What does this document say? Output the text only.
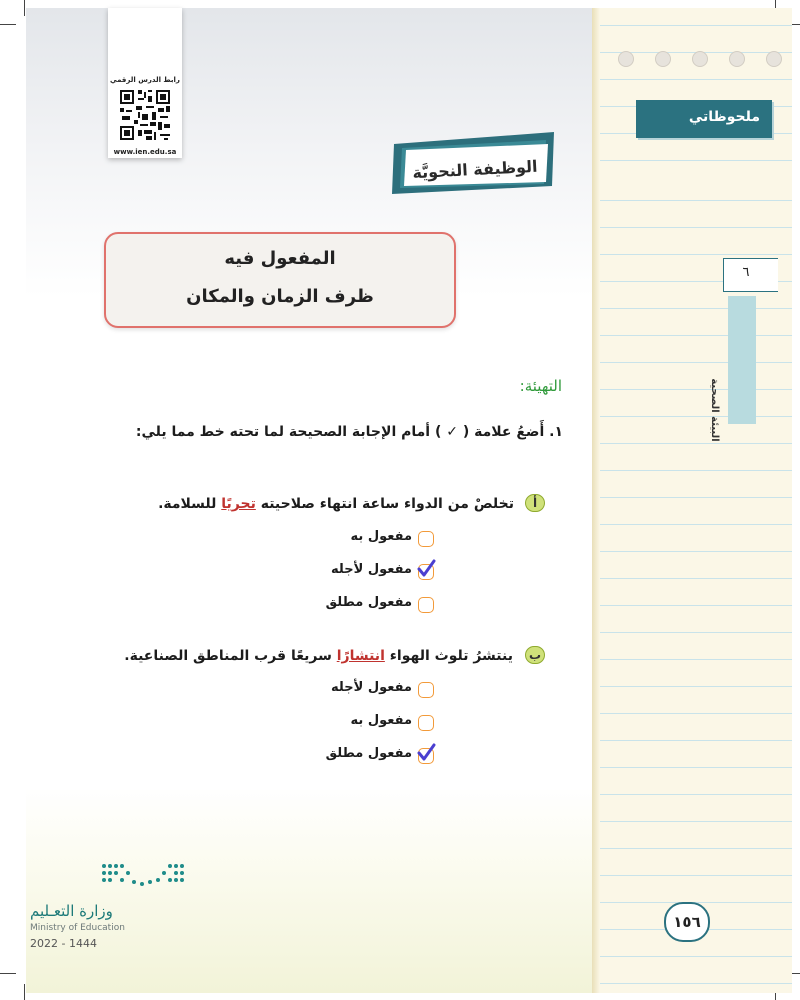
رابط الدرس الرقمي
www.ien.edu.sa
الوظيفة النحويَّة
المفعول فيه
ظرف الزمان والمكان
التهيئة:
١. أَضعُ علامة ( ✓ ) أمام الإجابة الصحيحة لما تحته خط مما يلي:
أ
تخلصْ من الدواء ساعة انتهاء صلاحيته تحريًا للسلامة.
مفعول به
مفعول لأجله
مفعول مطلق
ب
ينتشرُ تلوث الهواء انتشارًا سريعًا قرب المناطق الصناعية.
مفعول لأجله
مفعول به
مفعول مطلق
وزارة التعـليم
Ministry of Education
2022 - 1444
ملحوظاتي
٦
البيئة الصحية
١٥٦
